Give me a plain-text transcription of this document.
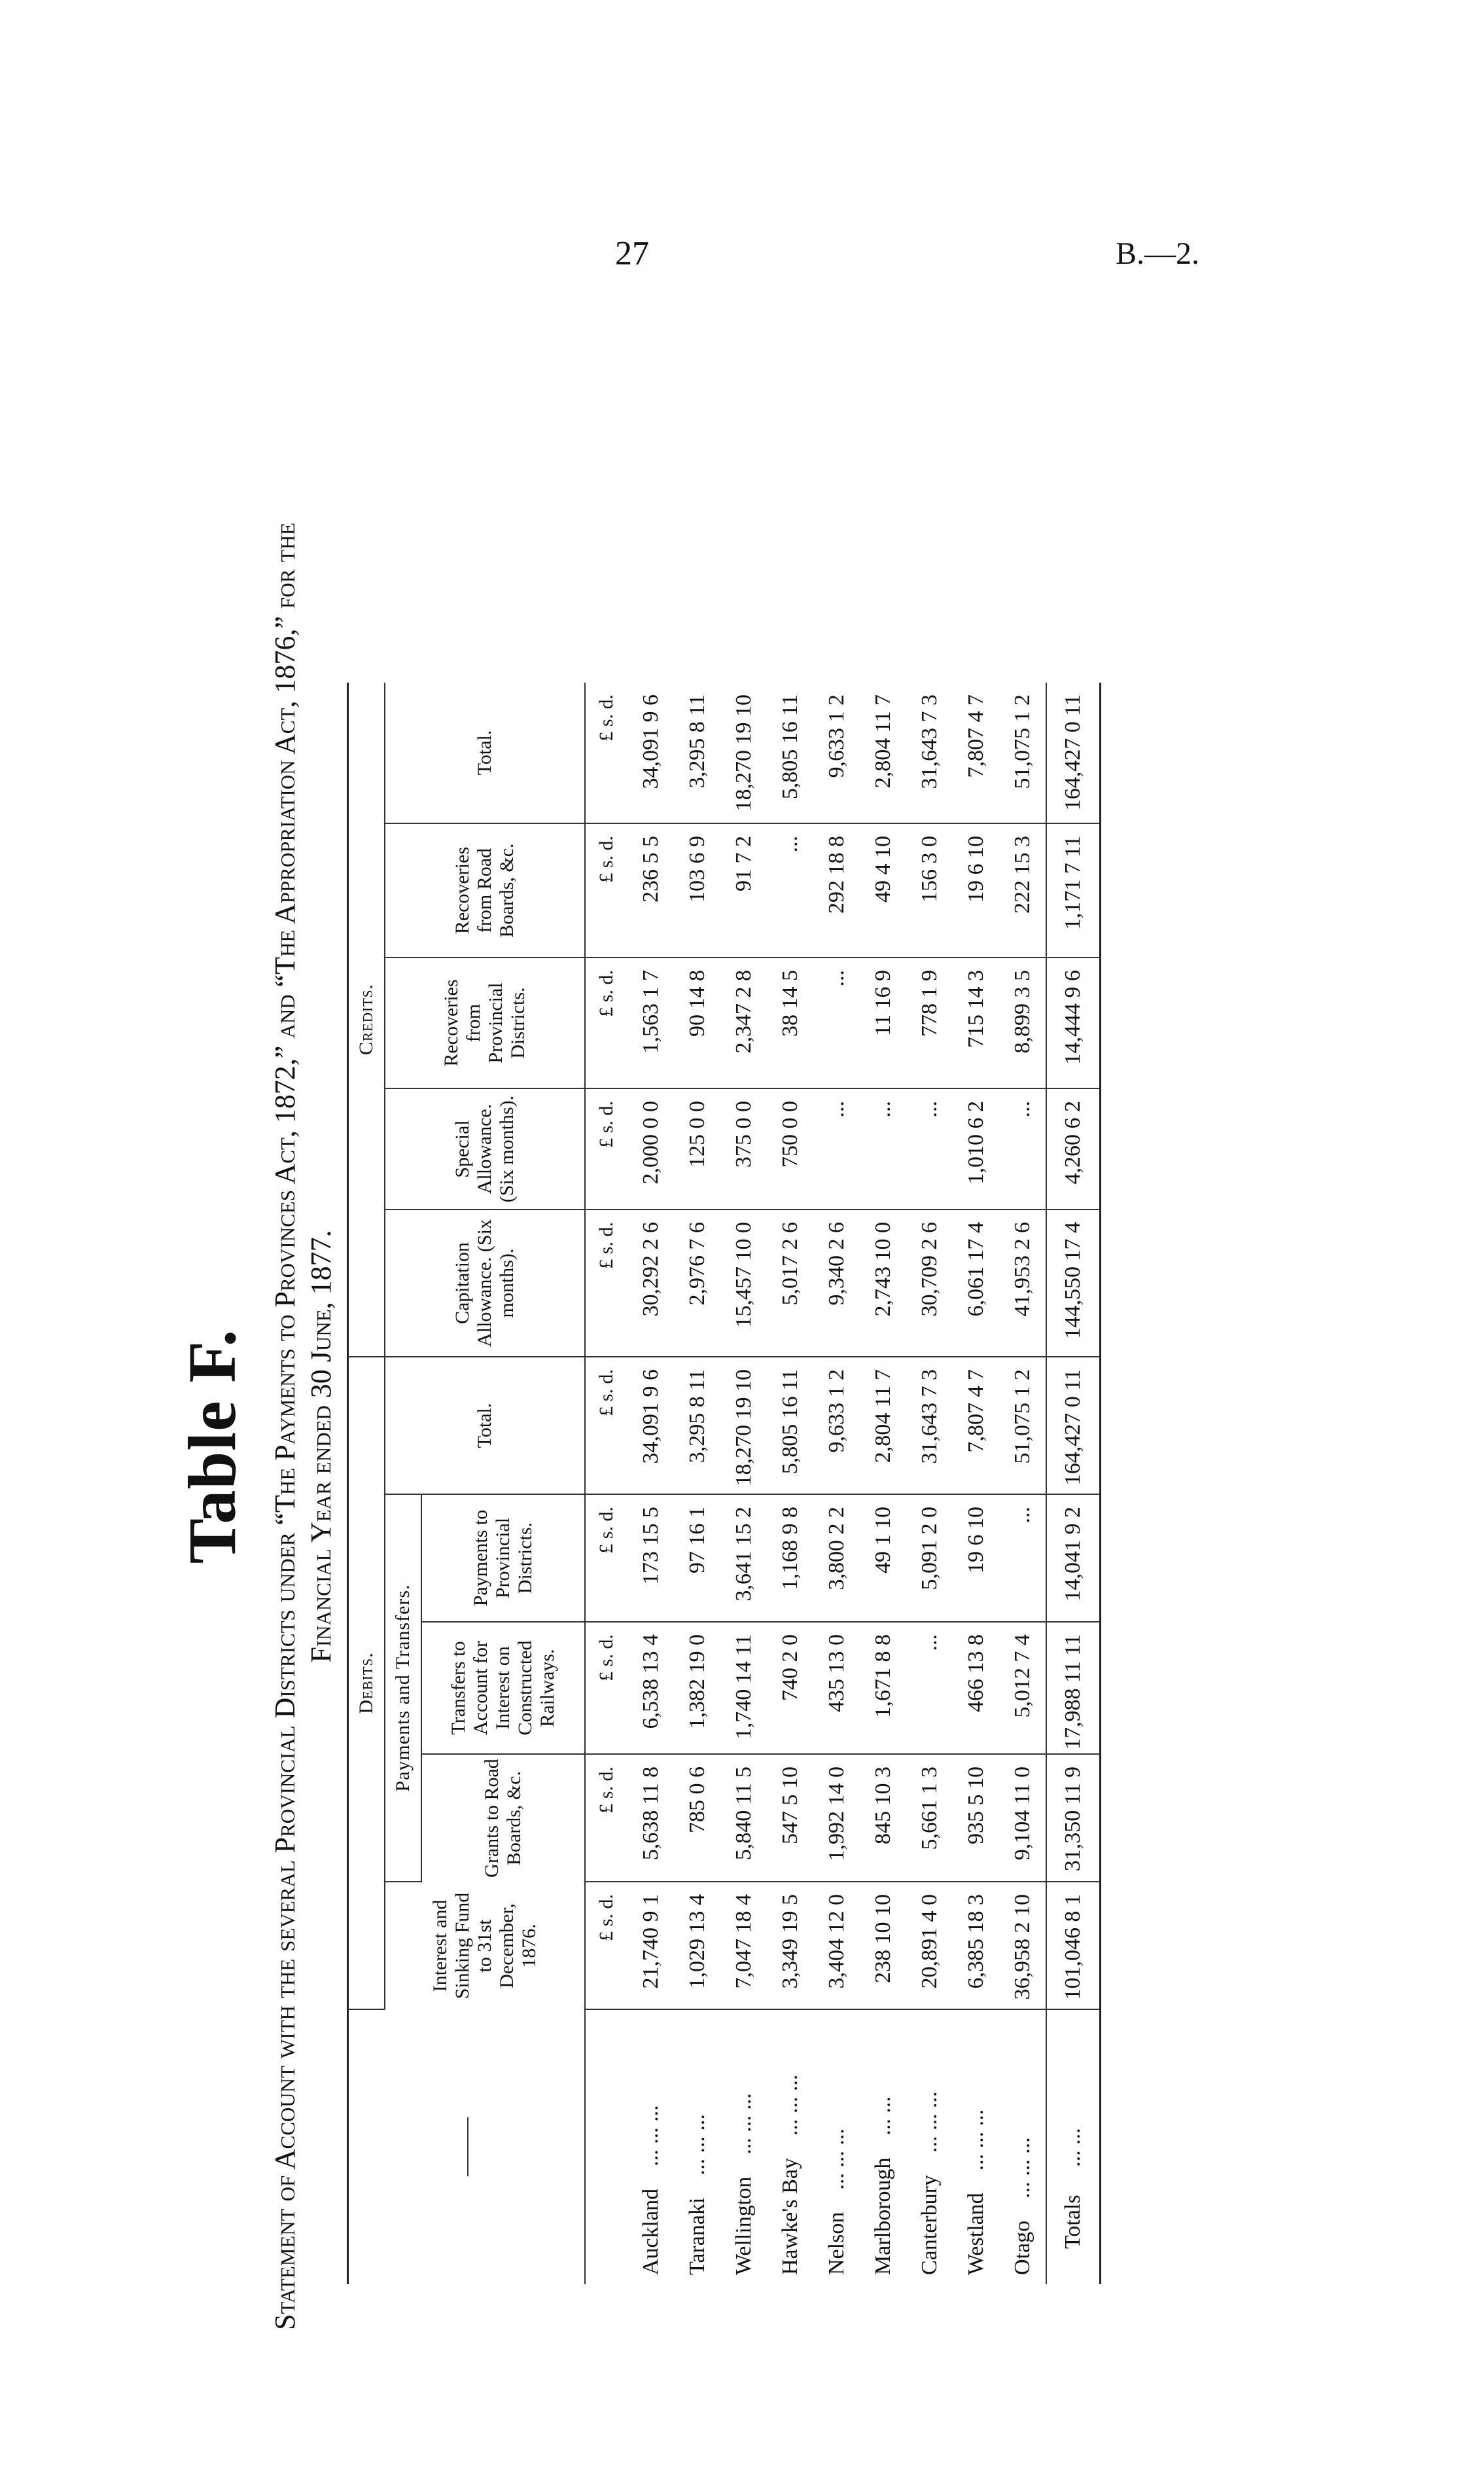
27	B.—2.
Table F. Statement of Account with the several Provincial Districts under “The Payments to Provinces Act, 1872,” and “The Appropriation Act, 1876,” for the Financial Year ended 30 June, 1877.
	Debits.					Credits.				
	Interest and Sinking Fund to 31st December, 1876.	Payments and Transfers.			Total.	Capitation Allowance. (Six months).	Special Allowance. (Six months).	Recoveries from Provincial Districts.	Recoveries from Road Boards, &c.	Total.
		Grants to Road Boards, &c.	Transfers to Account for Interest on Constructed Railways.	Payments to Provincial Districts.						
	£ s. d.	£ s. d.	£ s. d.	£ s. d.	£ s. d.	£ s. d.	£ s. d.	£ s. d.	£ s. d.	£ s. d.
Auckland    ... ... ...	21,740 9 1	5,638 11 8	6,538 13 4	173 15 5	34,091 9 6	30,292 2 6	2,000 0 0	1,563 1 7	236 5 5	34,091 9 6
Taranaki    ... ... ...	1,029 13 4	785 0 6	1,382 19 0	97 16 1	3,295 8 11	2,976 7 6	125 0 0	90 14 8	103 6 9	3,295 8 11
Wellington    ... ... ...	7,047 18 4	5,840 11 5	1,740 14 11	3,641 15 2	18,270 19 10	15,457 10 0	375 0 0	2,347 2 8	91 7 2	18,270 19 10
Hawke's Bay    ... ... ...	3,349 19 5	547 5 10	740 2 0	1,168 9 8	5,805 16 11	5,017 2 6	750 0 0	38 14 5	...	5,805 16 11
Nelson    ... ... ...	3,404 12 0	1,992 14 0	435 13 0	3,800 2 2	9,633 1 2	9,340 2 6	...	...	292 18 8	9,633 1 2
Marlborough    ... ...	238 10 10	845 10 3	1,671 8 8	49 1 10	2,804 11 7	2,743 10 0	...	11 16 9	49 4 10	2,804 11 7
Canterbury    ... ... ...	20,891 4 0	5,661 1 3	...	5,091 2 0	31,643 7 3	30,709 2 6	...	778 1 9	156 3 0	31,643 7 3
Westland    ... ... ...	6,385 18 3	935 5 10	466 13 8	19 6 10	7,807 4 7	6,061 17 4	1,010 6 2	715 14 3	19 6 10	7,807 4 7
Otago    ... ... ...	36,958 2 10	9,104 11 0	5,012 7 4	...	51,075 1 2	41,953 2 6	...	8,899 3 5	222 15 3	51,075 1 2
Totals     ... ...	101,046 8 1	31,350 11 9	17,988 11 11	14,041 9 2	164,427 0 11	144,550 17 4	4,260 6 2	14,444 9 6	1,171 7 11	164,427 0 11
